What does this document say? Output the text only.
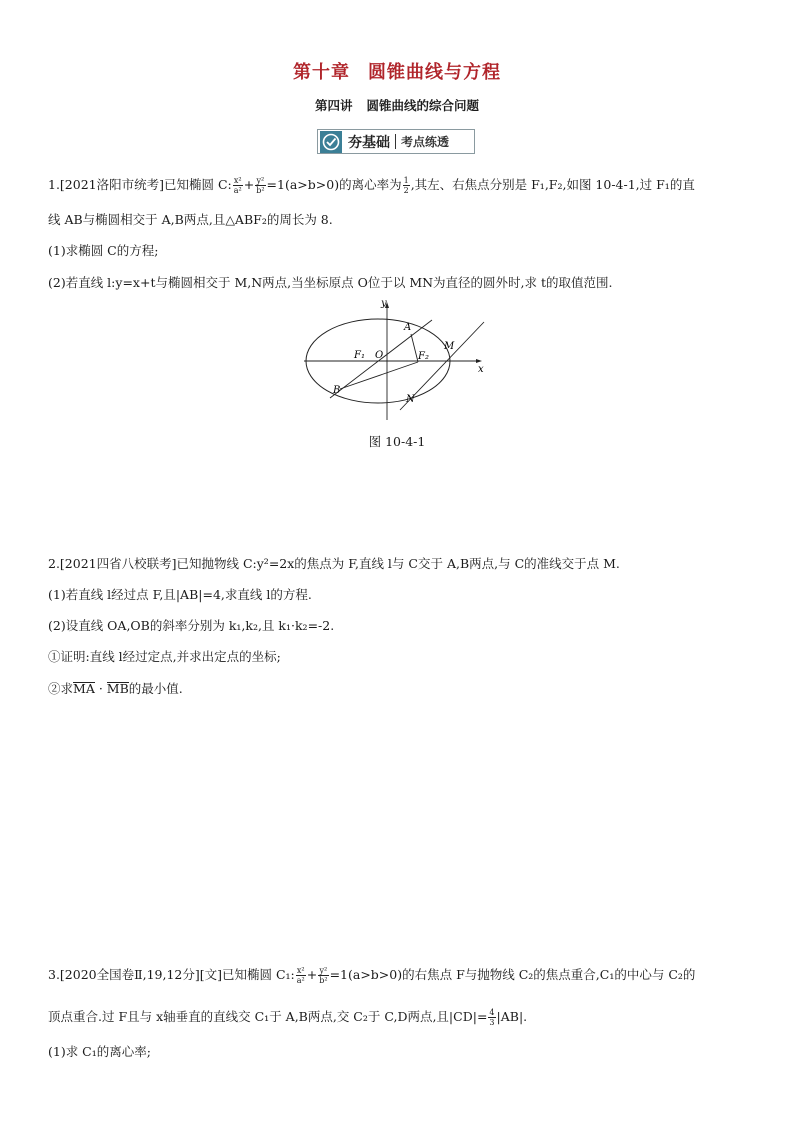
第十章 圆锥曲线与方程
第四讲 圆锥曲线的综合问题
夯基础 考点练透
1.[2021洛阳市统考]已知椭圆 C: $\frac{\text{x²}}{\text{a²}} + \frac{\text{y²}}{\text{b²}} =1(a>b>0)$的离心率为 $\frac{1}{2}$ ,其左、右焦点分别是 F₁,F₂,如图 10-4-1,过 F₁的直
线 AB与椭圆相交于 A,B两点,且△ABF₂的周长为 8.
(1)求椭圆 C的方程;
(2)若直线 l:y=x+t与椭圆相交于 M,N两点,当坐标原点 O位于以 MN为直径的圆外时,求 t的取值范围.
y
x
A
B
M
N
O
F₁	F₂
图 10-4-1
2.[2021四省八校联考]已知抛物线 C:y²=2x的焦点为 F,直线 l与 C交于 A,B两点,与 C的准线交于点 M.
(1)若直线 l经过点 F,且|AB|=4,求直线 l的方程.
(2)设直线 OA,OB的斜率分别为 k₁,k₂,且 k₁·k₂=-2.
①证明:直线 l经过定点,并求出定点的坐标;
②求MA · MB的最小值.
3.[2020全国卷Ⅱ,19,12分][文]已知椭圆 C₁: $\frac{\text{x²}}{\text{a²}} + \frac{\text{y²}}{\text{b²}} =1(a>b>0)$的右焦点 F与抛物线 C₂的焦点重合,C₁的中心与 C₂的
顶点重合.过 F且与 x轴垂直的直线交 C₁于 A,B两点,交 C₂于 C,D两点,且$|CD|= \frac{4}{3} |AB|$.
(1)求 C₁的离心率;
